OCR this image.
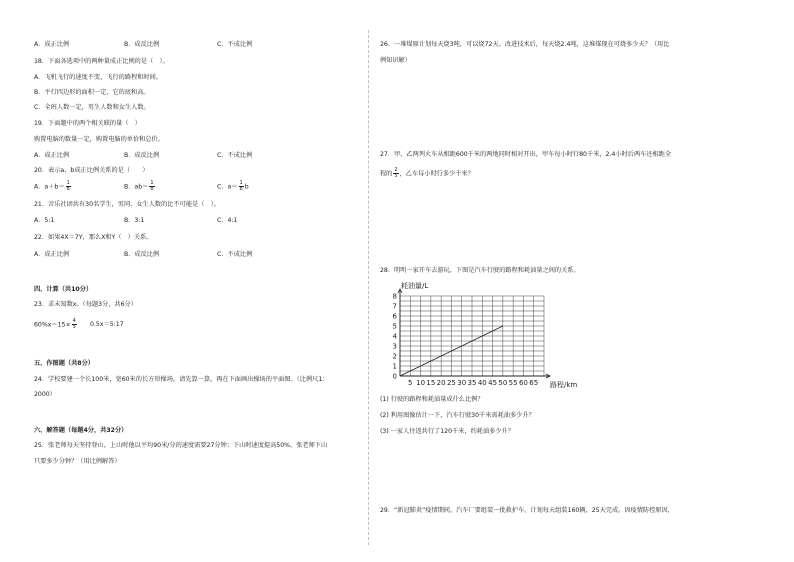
A．成正比例	B．成反比例	C．不成比例
18．下面各选项中的两种量成正比例的是（　）。
A．飞机飞行的速度不变，飞行的路程和时间。
B．平行四边形的面积一定，它的底和高。
C．全班人数一定，男生人数和女生人数。
19．下面题中的两个相关联的量（　）
购置电脑的数量一定，购置电脑的单价和总价。
A．成正比例	B．成反比例	C．不成比例
20．表示a、b成正比例关系的是（　　）
A．$a+b= \frac{1}{8}$	B．$ab= \frac{1}{8}$	C．$a= \frac{1}{8}$ b
21．音乐社团共有30名学生，男同、女生人数的比不可能是（　）。
A．5:1	B．3:1	C．4:1
22．如果4X＝7Y，那么X和Y（　）关系。
A．成正比例	B．成反比例	C．不成比例
四、计算（共10分）
23．求未知数x。（每题3分，共6分）
$60\%x=15\times \frac{4}{5}$ 0.5x＝5:17
五、作图题（共8分）
24．学校要建一个长100米，宽60米的长方形操场。请先算一算，再在下面画出操场的平面图。（比例尺1：
2000）
六、解答题（每题4分，共32分）
25．张老师每天坚持登山，上山时他以平均90米/分的速度需要27分钟；下山时速度提高50%，张老师下山
只要多少分钟？（用比例解答）
26．一堆煤原计划每天烧3吨，可以烧72天。改进技术后，每天烧2.4吨，这堆煤现在可烧多少天？（用比
例知识解）
27．甲、乙两列火车从相距600千米的两地同时相对开出，甲车每小时行80千米，2.4小时后两车还相距全
程的 $\frac{2}{5}$ ，乙车每小时行多少千米？
28．明明一家开车去游玩，下图是汽车行驶的路程和耗油量之间的关系。
0
1
2
3
4
5
6
7
8
5 10 15 20 25 30 35 40 45 50 55 60 65
耗油量/L
路程/km
(1) 行驶的路程和耗油量成什么比例？
(2) 利用图像估计一下，汽车行驶30千米需耗油多少升？
(3) 一家人往返共行了120千米，约耗油多少升？
29．“新冠肺炎”疫情期间，汽车厂要组装一批救护车。计划每天组装160辆，25天完成。因疫情防控原因，
